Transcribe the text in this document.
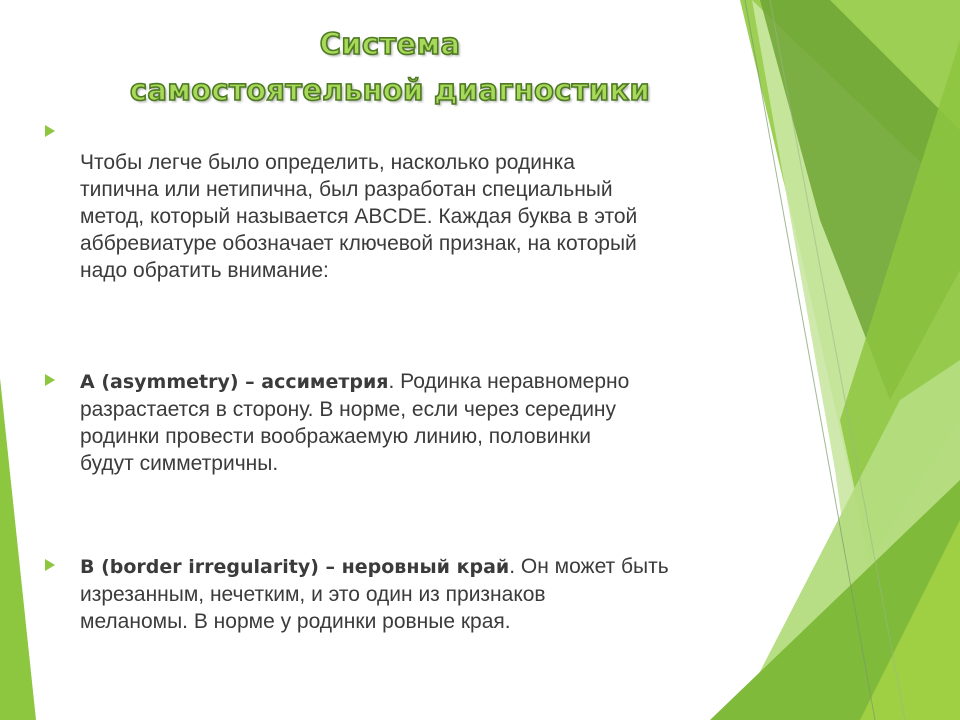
Система
самостоятельной диагностики
Чтобы легче было определить, насколько родинка
типична или нетипична, был разработан специальный
метод, который называется ABCDE. Каждая буква в этой
аббревиатуре обозначает ключевой признак, на который
надо обратить внимание:
A (asymmetry) – ассиметрия. Родинка неравномерно
разрастается в сторону. В норме, если через середину
родинки провести воображаемую линию, половинки
будут симметричны.
B (border irregularity) – неровный край. Он может быть
изрезанным, нечетким, и это один из признаков
меланомы. В норме у родинки ровные края.
